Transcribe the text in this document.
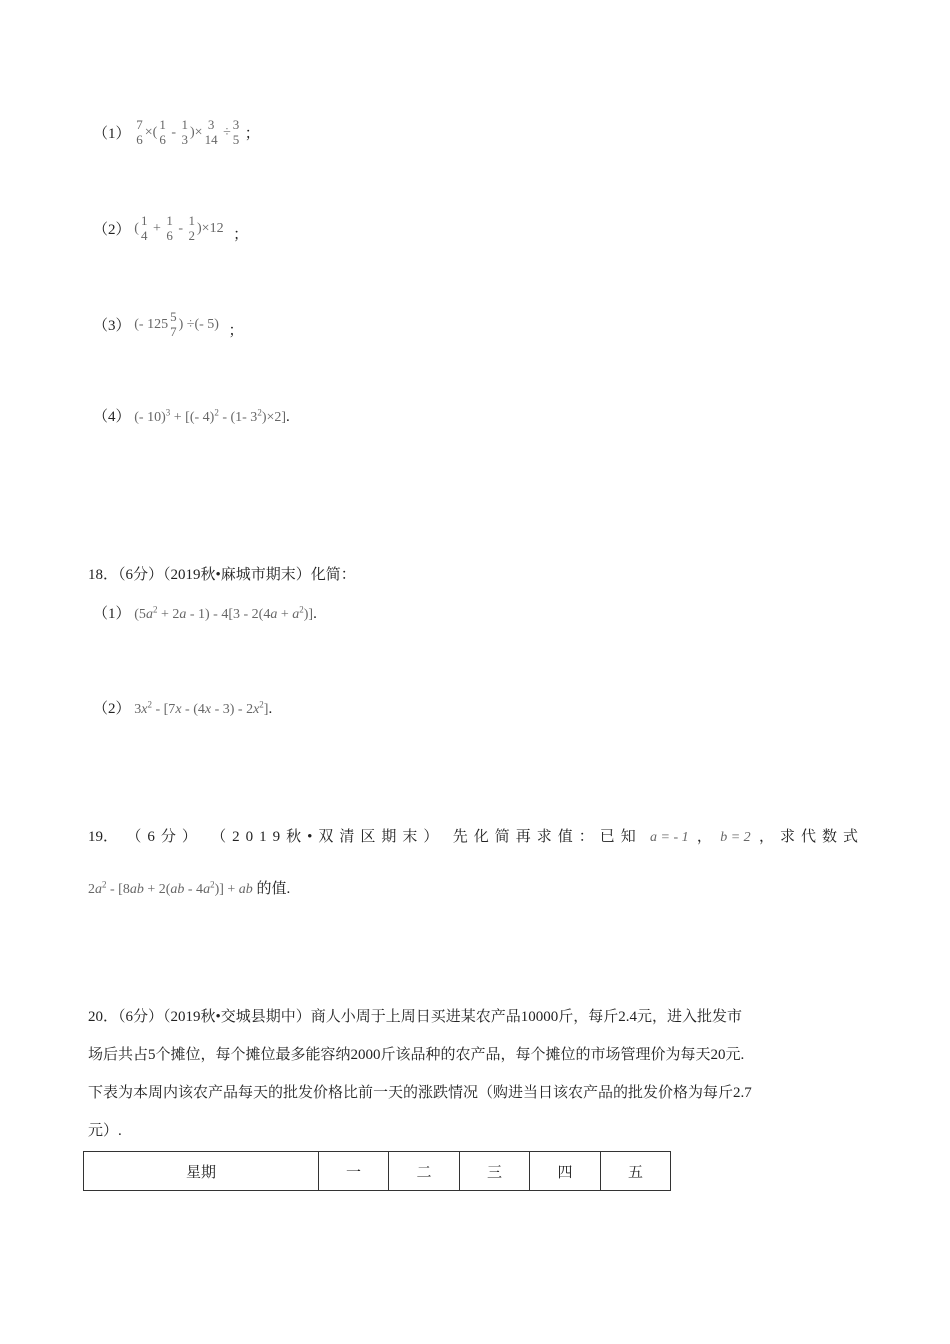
（1）
7
6 ×(
1
6 -
1
3 )×
3
14 ÷
3
5 ；
（2） (
1
4 +
1
6 -
1
2 )×12 ；
（3） (- 125
5
7 ) ÷(- 5) ；
（4） (- 10)$^3$ + [(- 4)$^2$ - (1- $3^2)\times 2$].
18．（6分）（2019秋•麻城市期末）化简：
（1） $(5a^2 + 2a - 1) - 4[3 - 2(4a + a^2)]$.
（2） $3x^2 - [7x - (4x - 3) - 2x^2]$.
19． （6分） （2019秋•双清区期末） 先化简再求值：已知 a = - 1 ， b = 2 ，求代数式
$2a^2 - [8ab + 2(ab - 4a^2)]$ + ab 的值.
20．（6分）（2019秋•交城县期中）商人小周于上周日买进某农产品10000斤，每斤2.4元，进入批发市
场后共占5个摊位，每个摊位最多能容纳2000斤该品种的农产品，每个摊位的市场管理价为每天20元.
下表为本周内该农产品每天的批发价格比前一天的涨跌情况（购进当日该农产品的批发价格为每斤2.7
元）.
星期	一	二	三	四	五
